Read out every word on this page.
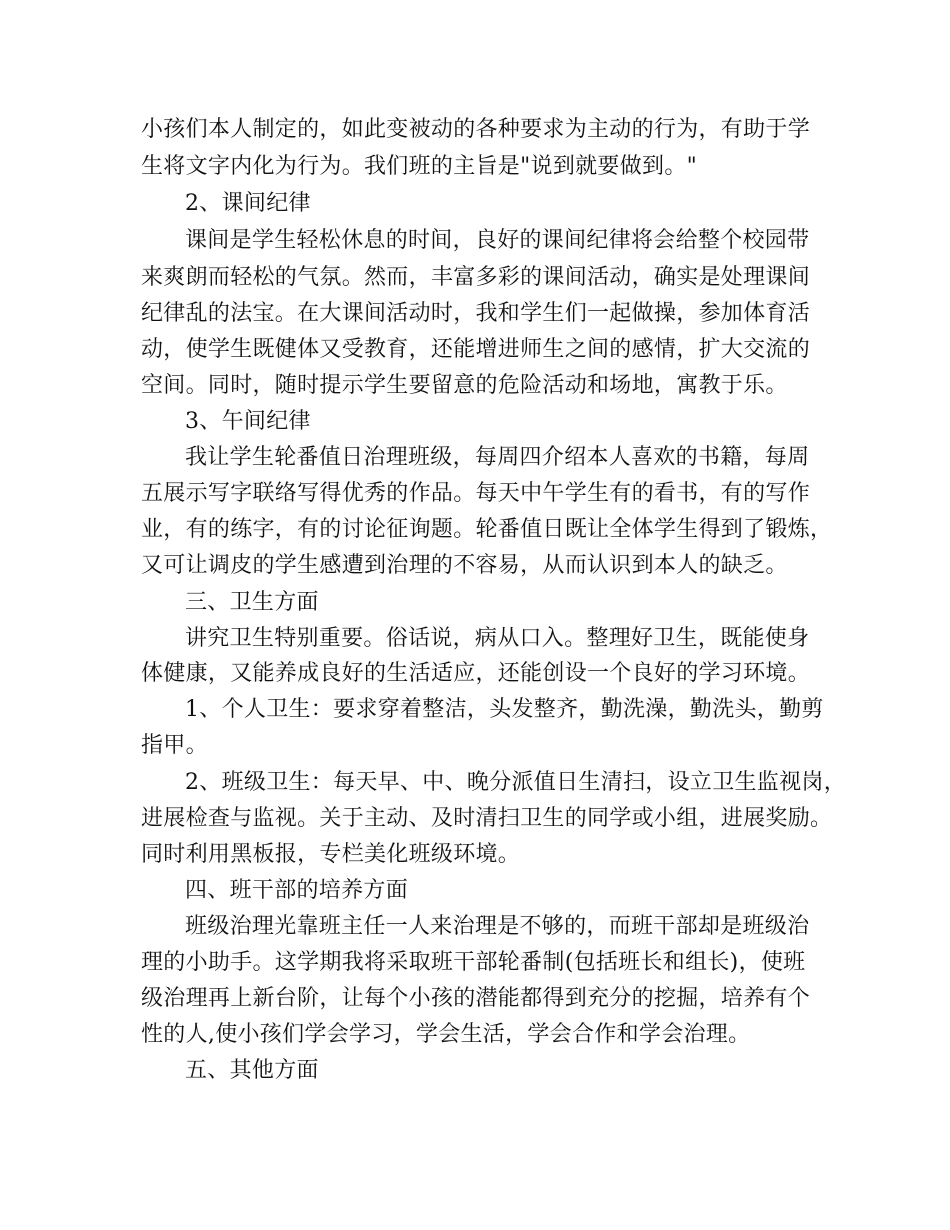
小孩们本人制定的，如此变被动的各种要求为主动的行为，有助于学
生将文字内化为行为。我们班的主旨是"说到就要做到。"
2、课间纪律
课间是学生轻松休息的时间，良好的课间纪律将会给整个校园带
来爽朗而轻松的气氛。然而，丰富多彩的课间活动，确实是处理课间
纪律乱的法宝。在大课间活动时，我和学生们一起做操，参加体育活
动，使学生既健体又受教育，还能增进师生之间的感情，扩大交流的
空间。同时，随时提示学生要留意的危险活动和场地，寓教于乐。
3、午间纪律
我让学生轮番值日治理班级，每周四介绍本人喜欢的书籍，每周
五展示写字联络写得优秀的作品。每天中午学生有的看书，有的写作
业，有的练字，有的讨论征询题。轮番值日既让全体学生得到了锻炼，
又可让调皮的学生感遭到治理的不容易，从而认识到本人的缺乏。
三、卫生方面
讲究卫生特别重要。俗话说，病从口入。整理好卫生，既能使身
体健康，又能养成良好的生活适应，还能创设一个良好的学习环境。
1、个人卫生：要求穿着整洁，头发整齐，勤洗澡，勤洗头，勤剪
指甲。
2、班级卫生：每天早、中、晚分派值日生清扫，设立卫生监视岗，
进展检查与监视。关于主动、及时清扫卫生的同学或小组，进展奖励。
同时利用黑板报，专栏美化班级环境。
四、班干部的培养方面
班级治理光靠班主任一人来治理是不够的，而班干部却是班级治
理的小助手。这学期我将采取班干部轮番制(包括班长和组长)，使班
级治理再上新台阶，让每个小孩的潜能都得到充分的挖掘，培养有个
性的人,使小孩们学会学习，学会生活，学会合作和学会治理。
五、其他方面
